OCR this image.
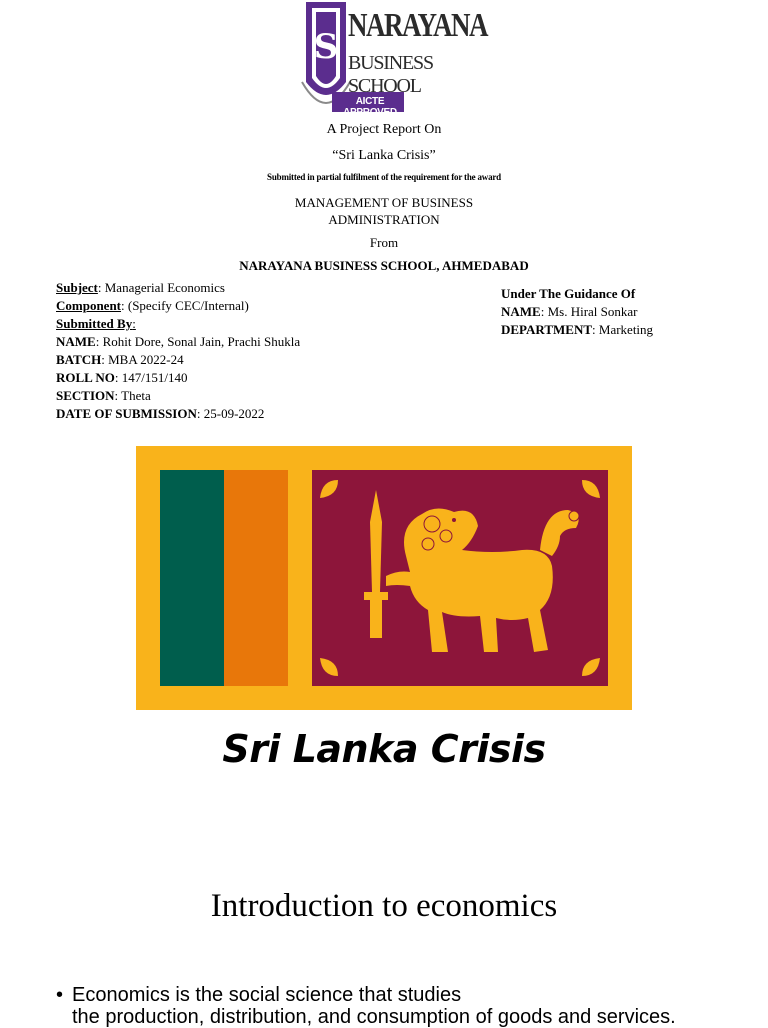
S
NARAYANA
BUSINESS SCHOOL
AICTE APPROVED
A Project Report On
“Sri Lanka Crisis”
Submitted in partial fulfilment of the requirement for the award
MANAGEMENT OF BUSINESS
ADMINISTRATION
From
NARAYANA BUSINESS SCHOOL, AHMEDABAD
Subject: Managerial Economics
Component: (Specify CEC/Internal)
Submitted By:
NAME: Rohit Dore, Sonal Jain, Prachi Shukla
BATCH: MBA 2022-24
ROLL NO: 147/151/140
SECTION: Theta
DATE OF SUBMISSION: 25-09-2022
Under The Guidance Of
NAME: Ms. Hiral Sonkar
DEPARTMENT: Marketing
Sri Lanka Crisis
Introduction to economics
• Economics is the social science that studies
the production, distribution, and consumption of goods and services.
